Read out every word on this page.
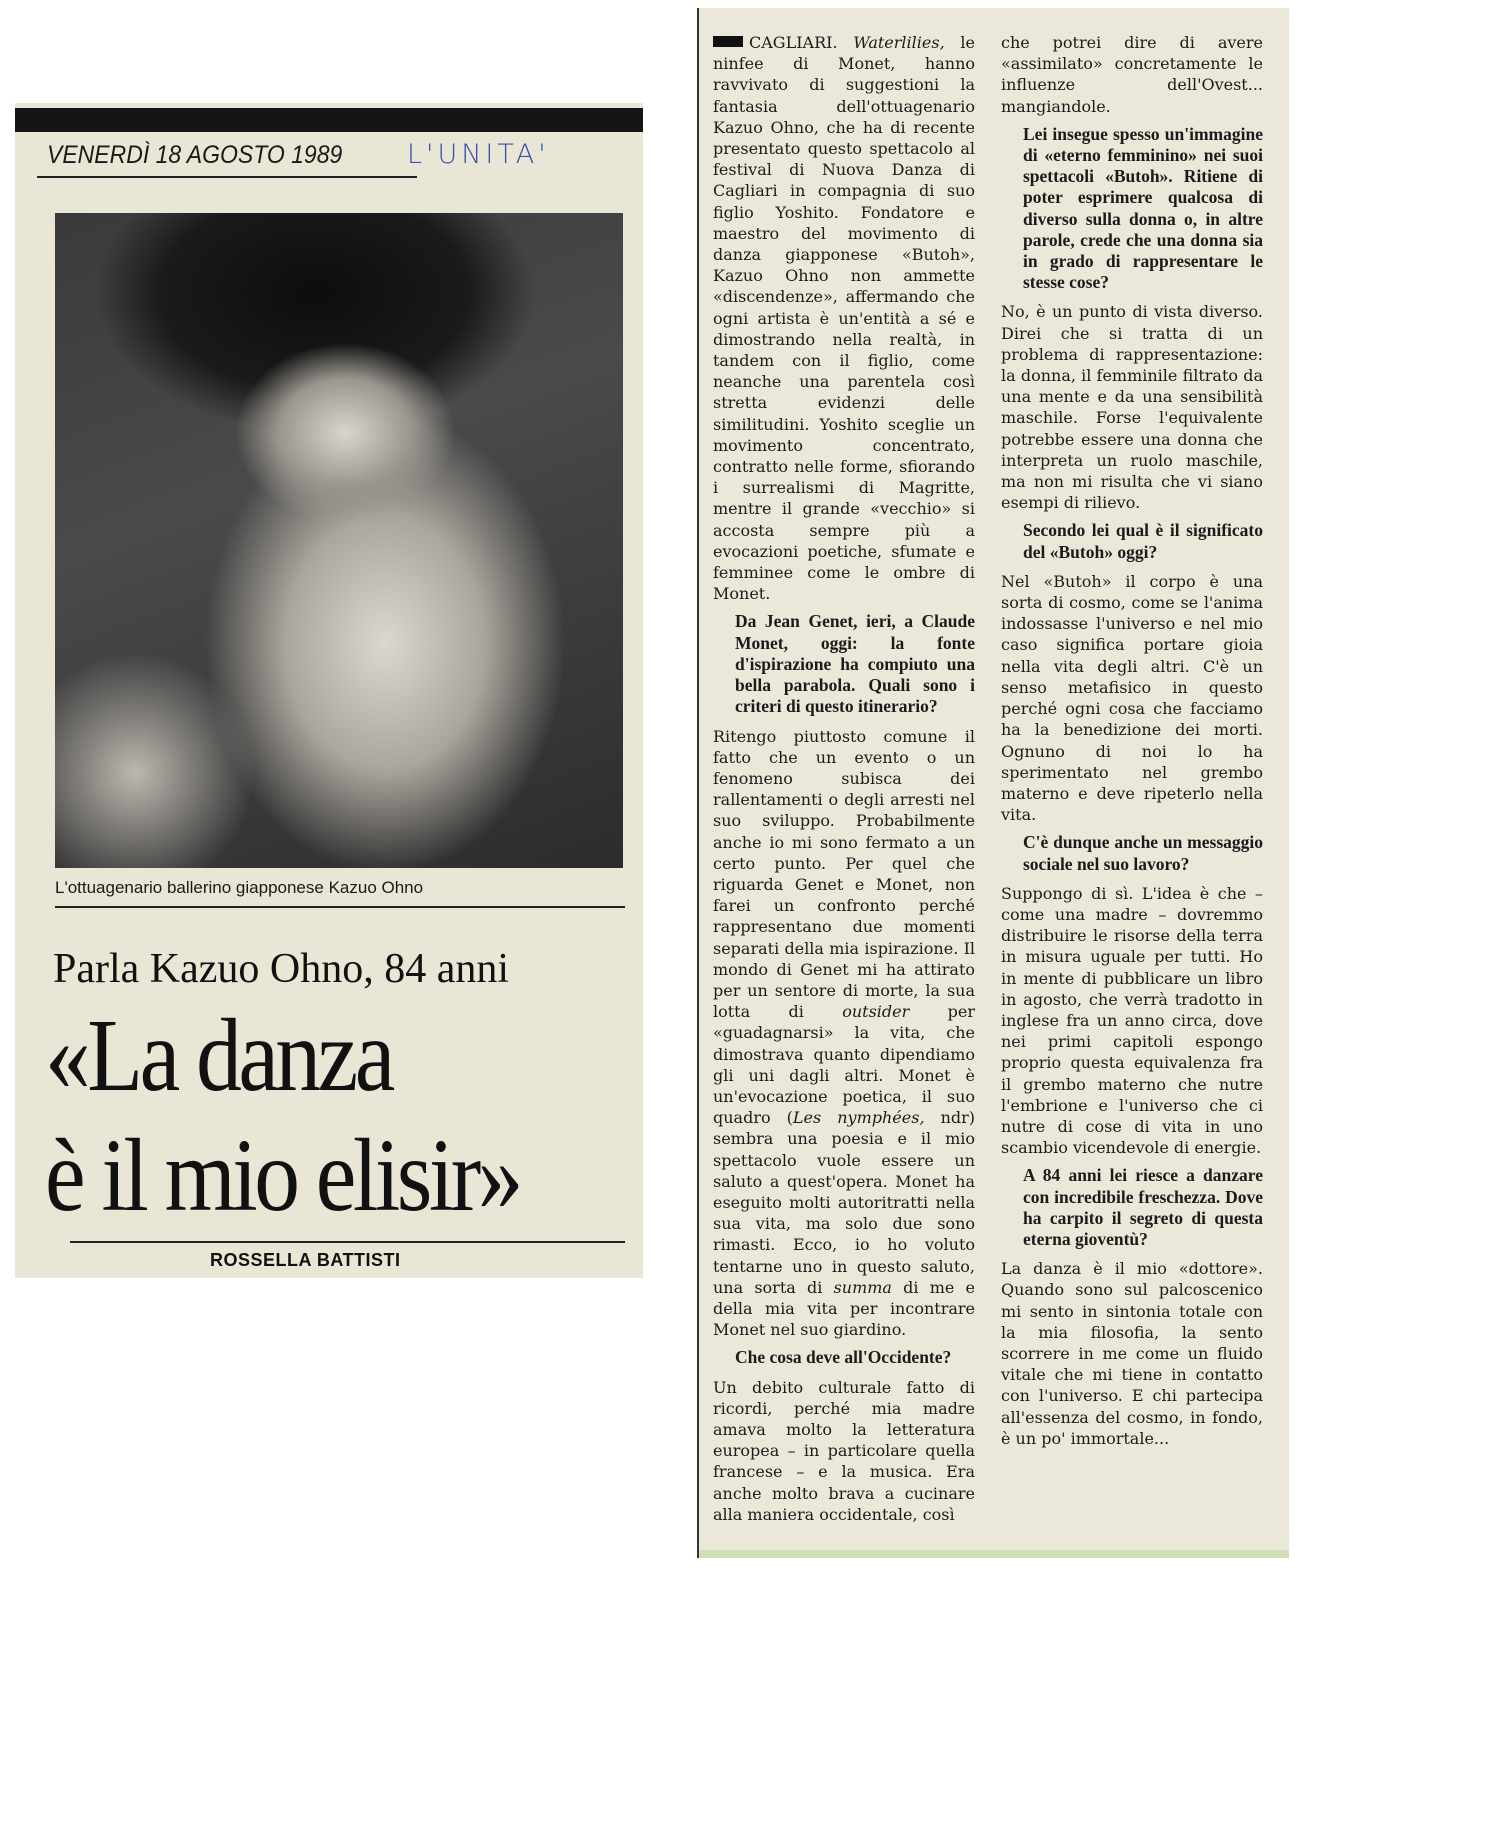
VENERDÌ 18 AGOSTO 1989 L'UNITA'
L'ottuagenario ballerino giapponese Kazuo Ohno
Parla Kazuo Ohno, 84 anni
«La danza
è il mio elisir»
ROSSELLA BATTISTI

CAGLIARI. Waterlilies, le ninfee di Monet, hanno ravvivato di suggestioni la fantasia dell'ottuagenario Kazuo Ohno, che ha di recente presentato questo spettacolo al festival di Nuova Danza di Cagliari in compagnia di suo figlio Yoshito. Fondatore e maestro del movimento di danza giapponese «Butoh», Kazuo Ohno non ammette «discendenze», affermando che ogni artista è un'entità a sé e dimostrando nella realtà, in tandem con il figlio, come neanche una parentela così stretta evidenzi delle similitudini. Yoshito sceglie un movimento concentrato, contratto nelle forme, sfiorando i surrealismi di Magritte, mentre il grande «vecchio» si accosta sempre più a evocazioni poetiche, sfumate e femminee come le ombre di Monet.

Da Jean Genet, ieri, a Claude Monet, oggi: la fonte d'ispirazione ha compiuto una bella parabola. Quali sono i criteri di questo itinerario?

Ritengo piuttosto comune il fatto che un evento o un fenomeno subisca dei rallentamenti o degli arresti nel suo sviluppo. Probabilmente anche io mi sono fermato a un certo punto. Per quel che riguarda Genet e Monet, non farei un confronto perché rappresentano due momenti separati della mia ispirazione. Il mondo di Genet mi ha attirato per un sentore di morte, la sua lotta di outsider per «guadagnarsi» la vita, che dimostrava quanto dipendiamo gli uni dagli altri. Monet è un'evocazione poetica, il suo quadro (Les nymphées, ndr) sembra una poesia e il mio spettacolo vuole essere un saluto a quest'opera. Monet ha eseguito molti autoritratti nella sua vita, ma solo due sono rimasti. Ecco, io ho voluto tentarne uno in questo saluto, una sorta di summa di me e della mia vita per incontrare Monet nel suo giardino.

Che cosa deve all'Occidente?

Un debito culturale fatto di ricordi, perché mia madre amava molto la letteratura europea – in particolare quella francese – e la musica. Era anche molto brava a cucinare alla maniera occidentale, così

che potrei dire di avere «assimilato» concretamente le influenze dell'Ovest... mangiandole.

Lei insegue spesso un'immagine di «eterno femminino» nei suoi spettacoli «Butoh». Ritiene di poter esprimere qualcosa di diverso sulla donna o, in altre parole, crede che una donna sia in grado di rappresentare le stesse cose?

No, è un punto di vista diverso. Direi che si tratta di un problema di rappresentazione: la donna, il femminile filtrato da una mente e da una sensibilità maschile. Forse l'equivalente potrebbe essere una donna che interpreta un ruolo maschile, ma non mi risulta che vi siano esempi di rilievo.

Secondo lei qual è il significato del «Butoh» oggi?

Nel «Butoh» il corpo è una sorta di cosmo, come se l'anima indossasse l'universo e nel mio caso significa portare gioia nella vita degli altri. C'è un senso metafisico in questo perché ogni cosa che facciamo ha la benedizione dei morti. Ognuno di noi lo ha sperimentato nel grembo materno e deve ripeterlo nella vita.

C'è dunque anche un messaggio sociale nel suo lavoro?

Suppongo di sì. L'idea è che – come una madre – dovremmo distribuire le risorse della terra in misura uguale per tutti. Ho in mente di pubblicare un libro in agosto, che verrà tradotto in inglese fra un anno circa, dove nei primi capitoli espongo proprio questa equivalenza fra il grembo materno che nutre l'embrione e l'universo che ci nutre di cose di vita in uno scambio vicendevole di energie.

A 84 anni lei riesce a danzare con incredibile freschezza. Dove ha carpito il segreto di questa eterna gioventù?

La danza è il mio «dottore». Quando sono sul palcoscenico mi sento in sintonia totale con la mia filosofia, la sento scorrere in me come un fluido vitale che mi tiene in contatto con l'universo. E chi partecipa all'essenza del cosmo, in fondo, è un po' immortale...
